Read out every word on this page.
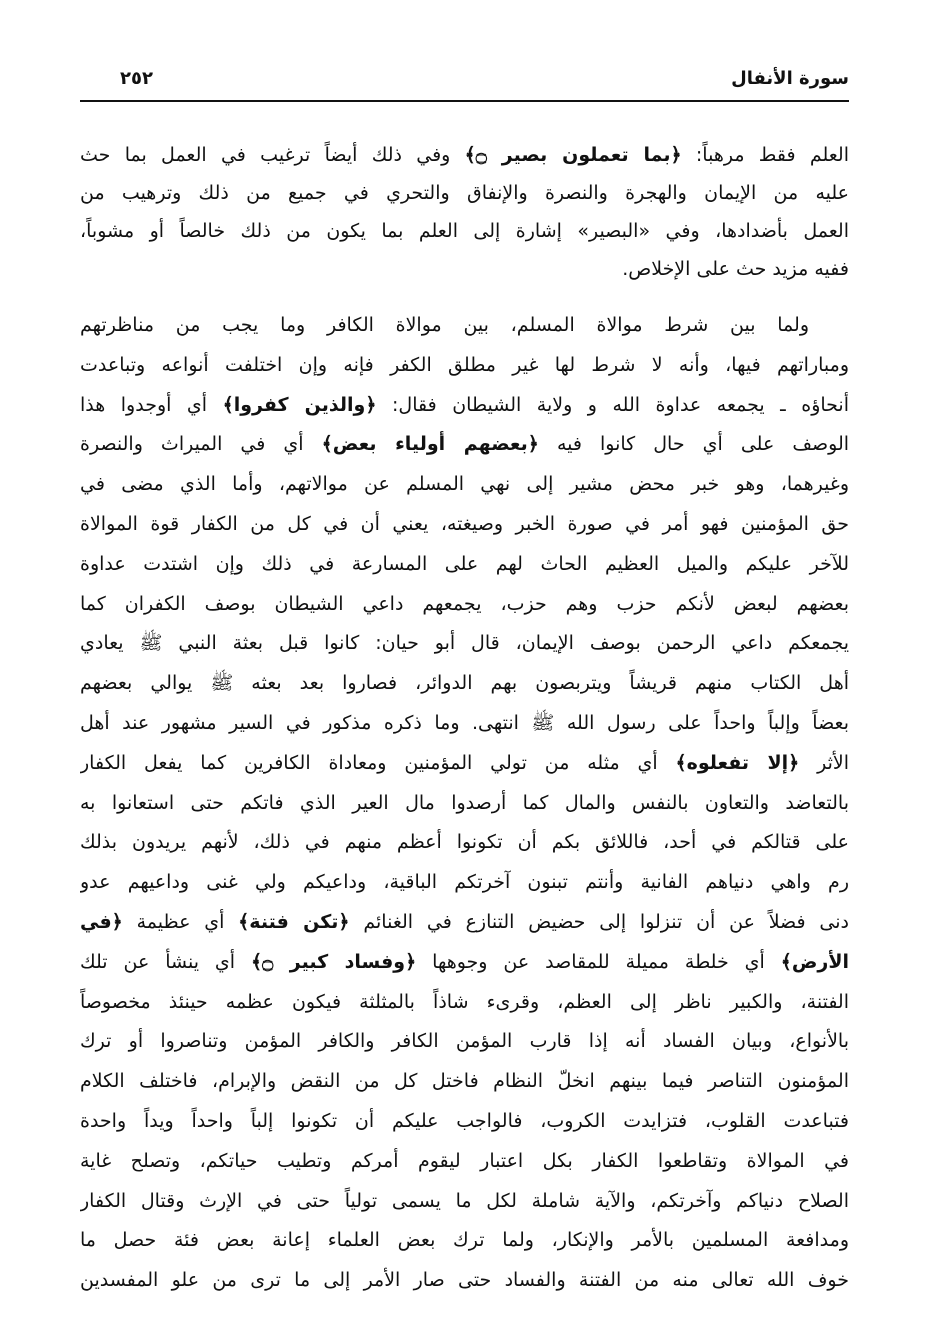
سورة الأنفال
٢٥٢
العلم فقط مرهباً: ﴿بما تعملون بصير ۝﴾ وفي ذلك أيضاً ترغيب في العمل بما حث
عليه من الإيمان والهجرة والنصرة والإنفاق والتحري في جميع من ذلك وترهيب من
العمل بأضدادها، وفي «البصير» إشارة إلى العلم بما يكون من ذلك خالصاً أو مشوباً،
ففيه مزيد حث على الإخلاص.
ولما بين شرط موالاة المسلم، بين موالاة الكافر وما يجب من مناظرتهم
ومباراتهم فيها، وأنه لا شرط لها غير مطلق الكفر فإنه وإن اختلفت أنواعه وتباعدت
أنحاؤه ـ يجمعه عداوة الله و ولاية الشيطان فقال: ﴿والذين كفروا﴾ أي أوجدوا هذا
الوصف على أي حال كانوا فيه ﴿بعضهم أولياء بعض﴾ أي في الميراث والنصرة
وغيرهما، وهو خبر محض مشير إلى نهي المسلم عن موالاتهم، وأما الذي مضى في
حق المؤمنين فهو أمر في صورة الخبر وصيغته، يعني أن في كل من الكفار قوة الموالاة
للآخر عليكم والميل العظيم الحاث لهم على المسارعة في ذلك وإن اشتدت عداوة
بعضهم لبعض لأنكم حزب وهم حزب، يجمعهم داعي الشيطان بوصف الكفران كما
يجمعكم داعي الرحمن بوصف الإيمان، قال أبو حيان: كانوا قبل بعثة النبي ﷺ يعادي
أهل الكتاب منهم قريشاً ويتربصون بهم الدوائر، فصاروا بعد بعثه ﷺ يوالي بعضهم
بعضاً وإلباً واحداً على رسول الله ﷺ انتهى. وما ذكره مذكور في السير مشهور عند أهل
الأثر ﴿إلا تفعلوه﴾ أي مثله من تولي المؤمنين ومعاداة الكافرين كما يفعل الكفار
بالتعاضد والتعاون بالنفس والمال كما أرصدوا مال العير الذي فاتكم حتى استعانوا به
على قتالكم في أحد، فاللائق بكم أن تكونوا أعظم منهم في ذلك، لأنهم يريدون بذلك
رم واهي دنياهم الفانية وأنتم تبنون آخرتكم الباقية، وداعيكم ولي غنى وداعيهم عدو
دنى فضلاً عن أن تنزلوا إلى حضيض التنازع في الغنائم ﴿تكن فتنة﴾ أي عظيمة ﴿في
الأرض﴾ أي خلطة مميلة للمقاصد عن وجوهها ﴿وفساد كبير ۝﴾ أي ينشأ عن تلك
الفتنة، والكبير ناظر إلى العظم، وقرىء شاذاً بالمثلثة فيكون عظمه حينئذ مخصوصاً
بالأنواع، وبيان الفساد أنه إذا قارب المؤمن الكافر والكافر المؤمن وتناصروا أو ترك
المؤمنون التناصر فيما بينهم انخلّ النظام فاختل كل من النقض والإبرام، فاختلف الكلام
فتباعدت القلوب، فتزايدت الكروب، فالواجب عليكم أن تكونوا إلباً واحداً ويداً واحدة
في الموالاة وتقاطعوا الكفار بكل اعتبار ليقوم أمركم وتطيب حياتكم، وتصلح غاية
الصلاح دنياكم وآخرتكم، والآية شاملة لكل ما يسمى تولياً حتى في الإرث وقتال الكفار
ومدافعة المسلمين بالأمر والإنكار، ولما ترك بعض العلماء إعانة بعض فئة حصل ما
خوف الله تعالى منه من الفتنة والفساد حتى صار الأمر إلى ما ترى من علو المفسدين
